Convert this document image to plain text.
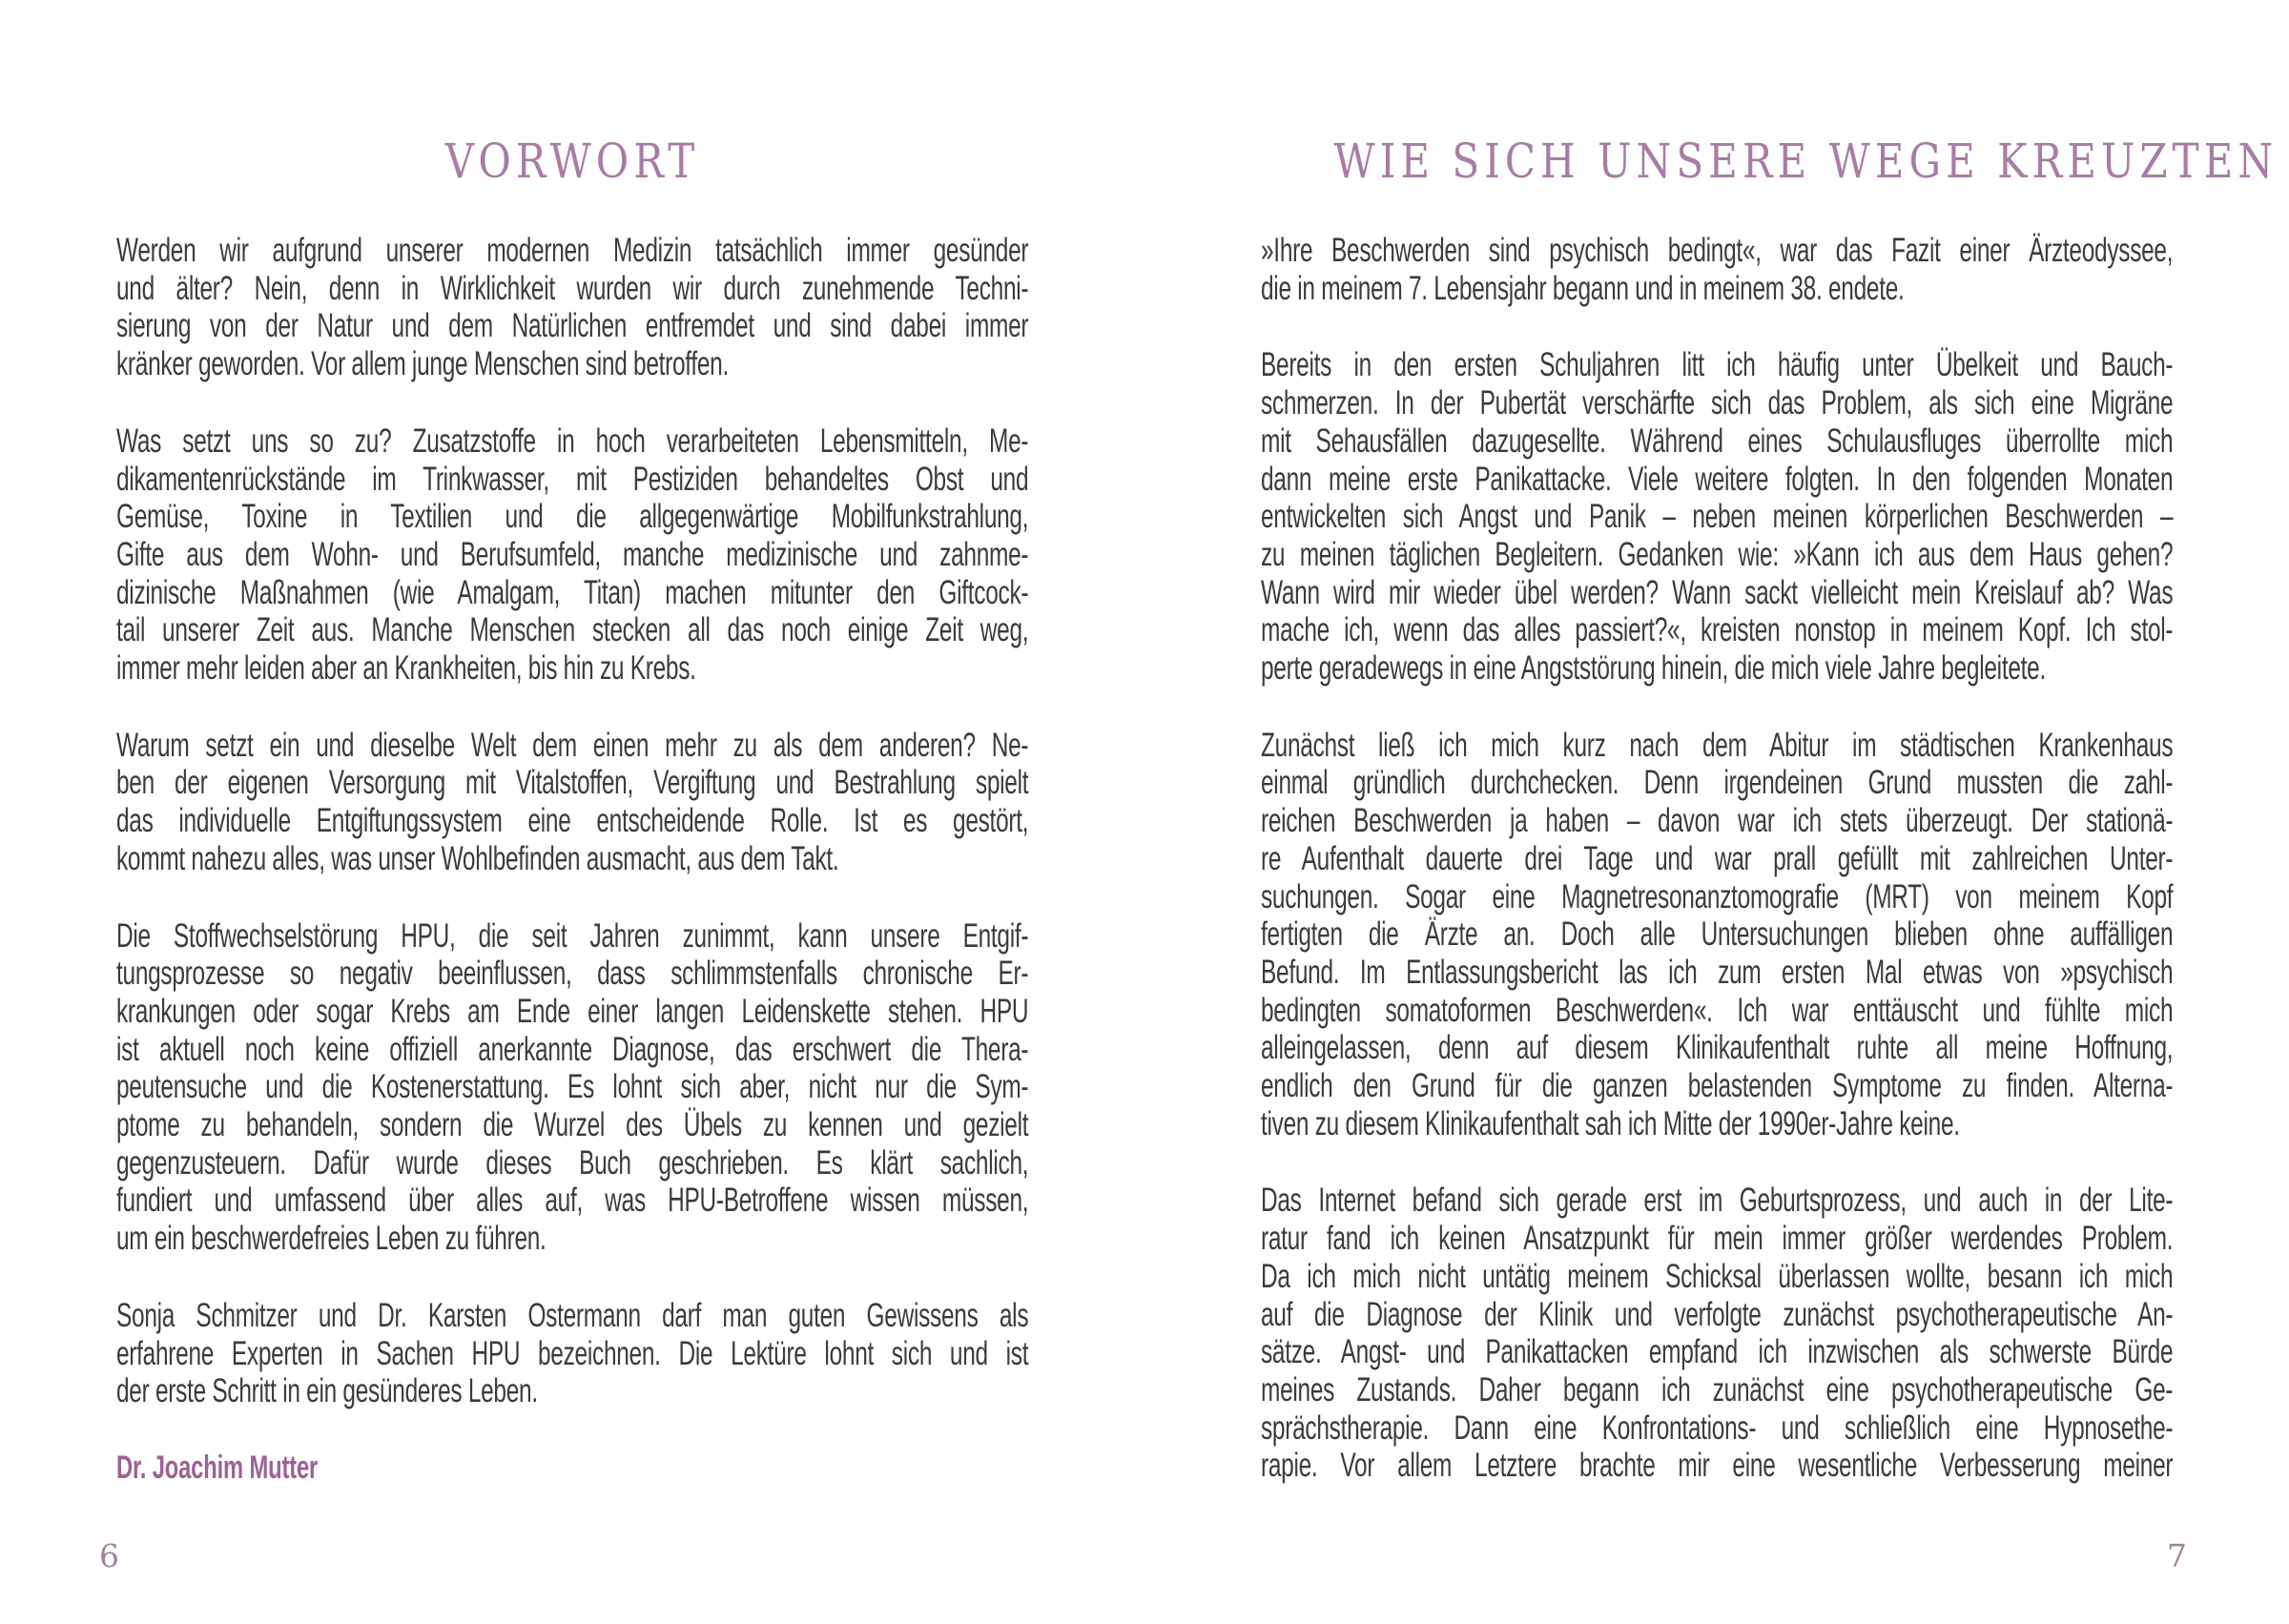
VORWORT
Werden wir aufgrund unserer modernen Medizin tatsächlich immer gesünder
und älter? Nein, denn in Wirklichkeit wurden wir durch zunehmende Techni-
sierung von der Natur und dem Natürlichen entfremdet und sind dabei immer
kränker geworden. Vor allem junge Menschen sind betroffen.
Was setzt uns so zu? Zusatzstoffe in hoch verarbeiteten Lebensmitteln, Me-
dikamentenrückstände im Trinkwasser, mit Pestiziden behandeltes Obst und
Gemüse, Toxine in Textilien und die allgegenwärtige Mobilfunkstrahlung,
Gifte aus dem Wohn- und Berufsumfeld, manche medizinische und zahnme-
dizinische Maßnahmen (wie Amalgam, Titan) machen mitunter den Giftcock-
tail unserer Zeit aus. Manche Menschen stecken all das noch einige Zeit weg,
immer mehr leiden aber an Krankheiten, bis hin zu Krebs.
Warum setzt ein und dieselbe Welt dem einen mehr zu als dem anderen? Ne-
ben der eigenen Versorgung mit Vitalstoffen, Vergiftung und Bestrahlung spielt
das individuelle Entgiftungssystem eine entscheidende Rolle. Ist es gestört,
kommt nahezu alles, was unser Wohlbefinden ausmacht, aus dem Takt.
Die Stoffwechselstörung HPU, die seit Jahren zunimmt, kann unsere Entgif-
tungsprozesse so negativ beeinflussen, dass schlimmstenfalls chronische Er-
krankungen oder sogar Krebs am Ende einer langen Leidenskette stehen. HPU
ist aktuell noch keine offiziell anerkannte Diagnose, das erschwert die Thera-
peutensuche und die Kostenerstattung. Es lohnt sich aber, nicht nur die Sym-
ptome zu behandeln, sondern die Wurzel des Übels zu kennen und gezielt
gegenzusteuern. Dafür wurde dieses Buch geschrieben. Es klärt sachlich,
fundiert und umfassend über alles auf, was HPU-Betroffene wissen müssen,
um ein beschwerdefreies Leben zu führen.
Sonja Schmitzer und Dr. Karsten Ostermann darf man guten Gewissens als
erfahrene Experten in Sachen HPU bezeichnen. Die Lektüre lohnt sich und ist
der erste Schritt in ein gesünderes Leben.
Dr. Joachim Mutter
6
WIE SICH UNSERE WEGE KREUZTEN
»Ihre Beschwerden sind psychisch bedingt«, war das Fazit einer Ärzteodyssee,
die in meinem 7. Lebensjahr begann und in meinem 38. endete.
Bereits in den ersten Schuljahren litt ich häufig unter Übelkeit und Bauch-
schmerzen. In der Pubertät verschärfte sich das Problem, als sich eine Migräne
mit Sehausfällen dazugesellte. Während eines Schulausfluges überrollte mich
dann meine erste Panikattacke. Viele weitere folgten. In den folgenden Monaten
entwickelten sich Angst und Panik – neben meinen körperlichen Beschwerden –
zu meinen täglichen Begleitern. Gedanken wie: »Kann ich aus dem Haus gehen?
Wann wird mir wieder übel werden? Wann sackt vielleicht mein Kreislauf ab? Was
mache ich, wenn das alles passiert?«, kreisten nonstop in meinem Kopf. Ich stol-
perte geradewegs in eine Angststörung hinein, die mich viele Jahre begleitete.
Zunächst ließ ich mich kurz nach dem Abitur im städtischen Krankenhaus
einmal gründlich durchchecken. Denn irgendeinen Grund mussten die zahl-
reichen Beschwerden ja haben – davon war ich stets überzeugt. Der stationä-
re Aufenthalt dauerte drei Tage und war prall gefüllt mit zahlreichen Unter-
suchungen. Sogar eine Magnetresonanztomografie (MRT) von meinem Kopf
fertigten die Ärzte an. Doch alle Untersuchungen blieben ohne auffälligen
Befund. Im Entlassungsbericht las ich zum ersten Mal etwas von »psychisch
bedingten somatoformen Beschwerden«. Ich war enttäuscht und fühlte mich
alleingelassen, denn auf diesem Klinikaufenthalt ruhte all meine Hoffnung,
endlich den Grund für die ganzen belastenden Symptome zu finden. Alterna-
tiven zu diesem Klinikaufenthalt sah ich Mitte der 1990er-Jahre keine.
Das Internet befand sich gerade erst im Geburtsprozess, und auch in der Lite-
ratur fand ich keinen Ansatzpunkt für mein immer größer werdendes Problem.
Da ich mich nicht untätig meinem Schicksal überlassen wollte, besann ich mich
auf die Diagnose der Klinik und verfolgte zunächst psychotherapeutische An-
sätze. Angst- und Panikattacken empfand ich inzwischen als schwerste Bürde
meines Zustands. Daher begann ich zunächst eine psychotherapeutische Ge-
sprächstherapie. Dann eine Konfrontations- und schließlich eine Hypnosethe-
rapie. Vor allem Letztere brachte mir eine wesentliche Verbesserung meiner
7
